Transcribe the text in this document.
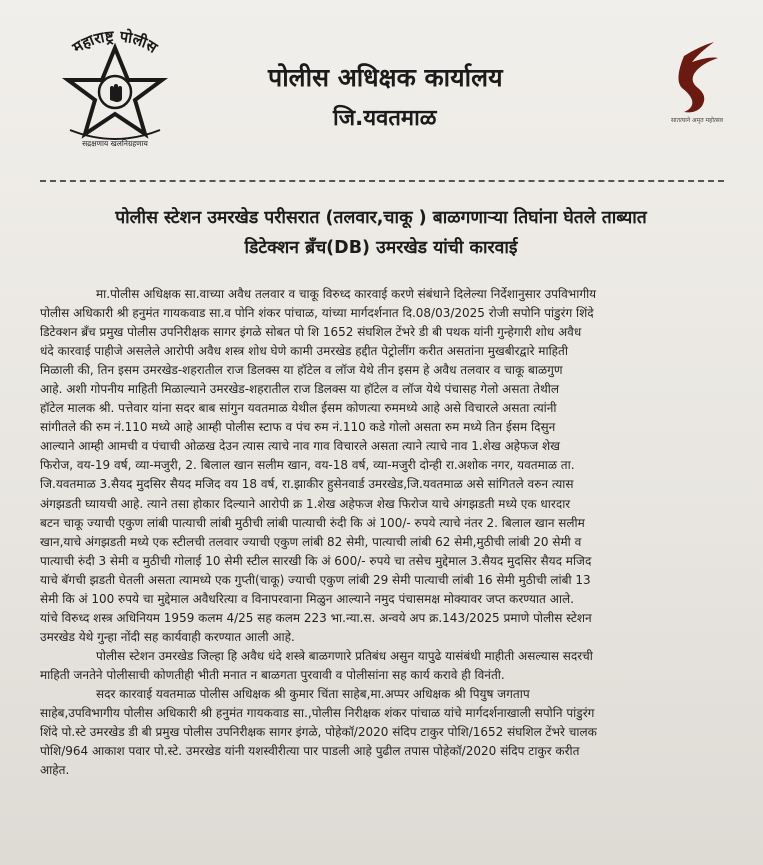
महाराष्ट्र पोलीस
सद्रक्षणाय खलनिग्रहणाय
पोलीस अधिक्षक कार्यालय
जि.यवतमाळ	सातत्याने अमृत महोत्सव
पोलीस स्टेशन उमरखेड परीसरात (तलवार,चाकू ) बाळगणाऱ्या तिघांना घेतले ताब्यात
डिटेक्शन ब्रँच(DB) उमरखेड यांची कारवाई
मा.पोलीस अधिक्षक सा.वाच्या अवैध तलवार व चाकू विरुध्द कारवाई करणे संबंधाने दिलेल्या निर्देशानुसार उपविभागीय
पोलीस अधिकारी श्री हनुमंत गायकवाड सा.व पोनि शंकर पांचाळ, यांच्या मार्गदर्शनात दि.08/03/2025 रोजी सपोनि पांडुरंग शिंदे
डिटेक्शन ब्रँच प्रमुख पोलीस उपनिरीक्षक सागर इंगळे सोबत पो शि 1652 संघशिल टेंभरे डी बी पथक यांनी गुन्हेगारी शोध अवैध
धंदे कारवाई पाहीजे असलेले आरोपी अवैध शस्त्र शोध घेणे कामी उमरखेड हद्दीत पेट्रोलींग करीत असतांना मुखबीरद्वारे माहिती
मिळाली की, तिन इसम उमरखेड-शहरातील राज डिलक्स या हॉटेल व लॉज येथे तीन इसम हे अवैध तलवार व चाकू बाळगुण
आहे. अशी गोपनीय माहिती मिळाल्याने उमरखेड-शहरातील राज डिलक्स या हॉटेल व लॉज येथे पंचासह गेलो असता तेथील
हॉटेल मालक श्री. पत्तेवार यांना सदर बाब सांगुन यवतमाळ येथील ईसम कोणत्या रुममध्ये आहे असे विचारले असता त्यांनी
सांगीतले की रुम नं.110 मध्ये आहे आम्ही पोलीस स्टाफ व पंच रुम नं.110 कडे गोलो असता रुम मध्ये तिन ईसम दिसुन
आल्याने आम्ही आमची व पंचाची ओळख देउन त्यास त्याचे नाव गाव विचारले असता त्याने त्याचे नाव 1.शेख अहेफज शेख
फिरोज, वय-19 वर्ष, व्या-मजुरी, 2. बिलाल खान सलीम खान, वय-18 वर्ष, व्या-मजुरी दोन्ही रा.अशोक नगर, यवतमाळ ता.
जि.यवतमाळ 3.सैयद मुदसिर सैयद मजिद वय 18 वर्ष, रा.झाकीर हुसेनवार्ड उमरखेड,जि.यवतमाळ असे सांगितले वरुन त्यास
अंगझडती घ्यायची आहे. त्याने तसा होकार दिल्याने आरोपी क्र 1.शेख अहेफज शेख फिरोज याचे अंगझडती मध्ये एक धारदार
बटन चाकू ज्याची एकुण लांबी पात्याची लांबी मुठीची लांबी पात्याची रुंदी कि अं 100/- रुपये त्याचे नंतर 2. बिलाल खान सलीम
खान,याचे अंगझडती मध्ये एक स्टीलची तलवार ज्याची एकुण लांबी 82 सेमी, पात्याची लांबी 62 सेमी,मुठीची लांबी 20 सेमी व
पात्याची रुंदी 3 सेमी व मुठीची गोलाई 10 सेमी स्टील सारखी कि अं 600/- रुपये चा तसेच मुद्देमाल 3.सैयद मुदसिर सैयद मजिद
याचे बॅगची झडती घेतली असता त्यामध्ये एक गुप्ती(चाकू) ज्याची एकुण लांबी 29 सेमी पात्याची लांबी 16 सेमी मुठीची लांबी 13
सेमी कि अं 100 रुपये चा मुद्देमाल अवैधरित्या व विनापरवाना मिळुन आल्याने नमुद पंचासमक्ष मोक्यावर जप्त करण्यात आले.
यांचे विरुध्द शस्त्र अधिनियम 1959 कलम 4/25 सह कलम 223 भा.न्या.स. अन्वये अप क्र.143/2025 प्रमाणे पोलीस स्टेशन
उमरखेड येथे गुन्हा नोंदी सह कार्यवाही करण्यात आली आहे.
पोलीस स्टेशन उमरखेड जिल्हा हि अवैध धंदे शस्त्रे बाळगणारे प्रतिबंध असुन यापुढे यासंबंधी माहीती असल्यास सदरची
माहिती जनतेने पोलीसाची कोणतीही भीती मनात न बाळगता पुरवावी व पोलीसांना सह कार्य करावे ही विनंती.
सदर कारवाई यवतमाळ पोलीस अधिक्षक श्री कुमार चिंता साहेब,मा.अप्पर अधिक्षक श्री पियुष जगताप
साहेब,उपविभागीय पोलीस अधिकारी श्री हनुमंत गायकवाड सा.,पोलीस निरीक्षक शंकर पांचाळ यांचे मार्गदर्शनाखाली सपोनि पांडुरंग
शिंदे पो.स्टे उमरखेड डी बी प्रमुख पोलीस उपनिरीक्षक सागर इंगळे, पोहेकॉ/2020 संदिप टाकुर पोशि/1652 संघशिल टेंभरे चालक
पोशि/964 आकाश पवार पो.स्टे. उमरखेड यांनी यशस्वीरीत्या पार पाडली आहे पुढील तपास पोहेकॉ/2020 संदिप टाकुर करीत
आहेत.
